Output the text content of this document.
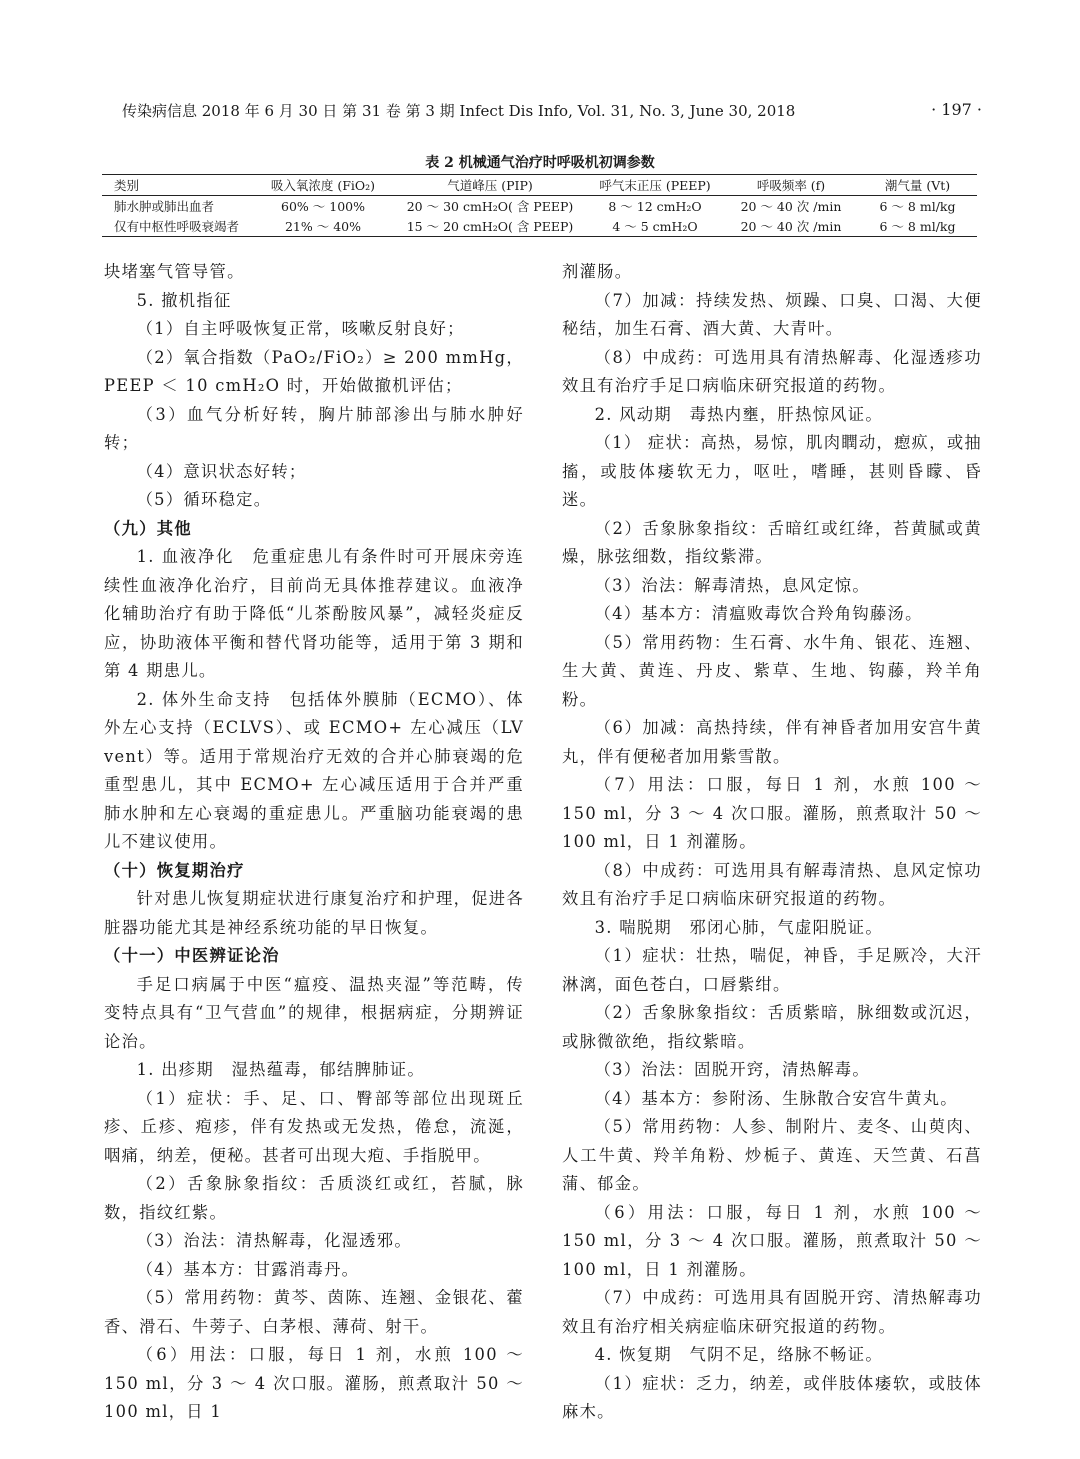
传染病信息 2018 年 6 月 30 日 第 31 卷 第 3 期 Infect Dis Info, Vol. 31, No. 3, June 30, 2018	· 197 ·
表 2 机械通气治疗时呼吸机初调参数
类别	吸入氧浓度 (FiO₂)	气道峰压 (PIP)	呼气末正压 (PEEP)	呼吸频率 (f)	潮气量 (Vt)
肺水肿或肺出血者	60% ～ 100%	20 ～ 30 cmH₂O( 含 PEEP)	8 ～ 12 cmH₂O	20 ～ 40 次 /min	6 ～ 8 ml/kg
仅有中枢性呼吸衰竭者	21% ～ 40%	15 ～ 20 cmH₂O( 含 PEEP)	4 ～ 5 cmH₂O	20 ～ 40 次 /min	6 ～ 8 ml/kg

块堵塞气管导管。

5. 撤机指征

（1）自主呼吸恢复正常，咳嗽反射良好；

（2）氧合指数（PaO₂/FiO₂）≥ 200 mmHg，PEEP ＜ 10 cmH₂O 时，开始做撤机评估；

（3）血气分析好转，胸片肺部渗出与肺水肿好转；

（4）意识状态好转；

（5）循环稳定。

（九）其他

1. 血液净化　危重症患儿有条件时可开展床旁连续性血液净化治疗，目前尚无具体推荐建议。血液净化辅助治疗有助于降低“儿茶酚胺风暴”，减轻炎症反应，协助液体平衡和替代肾功能等，适用于第 3 期和第 4 期患儿。

2. 体外生命支持　包括体外膜肺（ECMO）、体外左心支持（ECLVS）、或 ECMO+ 左心减压（LV vent）等。适用于常规治疗无效的合并心肺衰竭的危重型患儿，其中 ECMO+ 左心减压适用于合并严重肺水肿和左心衰竭的重症患儿。严重脑功能衰竭的患儿不建议使用。

（十）恢复期治疗

针对患儿恢复期症状进行康复治疗和护理，促进各脏器功能尤其是神经系统功能的早日恢复。

（十一）中医辨证论治

手足口病属于中医“瘟疫、温热夹湿”等范畴，传变特点具有“卫气营血”的规律，根据病症，分期辨证论治。

1. 出疹期　湿热蕴毒，郁结脾肺证。

（1）症状：手、足、口、臀部等部位出现斑丘疹、丘疹、疱疹，伴有发热或无发热，倦怠，流涎，咽痛，纳差，便秘。甚者可出现大疱、手指脱甲。

（2）舌象脉象指纹：舌质淡红或红，苔腻，脉数，指纹红紫。

（3）治法：清热解毒，化湿透邪。

（4）基本方：甘露消毒丹。

（5）常用药物：黄芩、茵陈、连翘、金银花、藿香、滑石、牛蒡子、白茅根、薄荷、射干。

（6）用法：口服，每日 1 剂，水煎 100 ～ 150 ml，分 3 ～ 4 次口服。灌肠，煎煮取汁 50 ～ 100 ml，日 1

剂灌肠。

（7）加减：持续发热、烦躁、口臭、口渴、大便秘结，加生石膏、酒大黄、大青叶。

（8）中成药：可选用具有清热解毒、化湿透疹功效且有治疗手足口病临床研究报道的药物。

2. 风动期　毒热内壅，肝热惊风证。

（1） 症状：高热，易惊，肌肉瞤动，瘛疭，或抽搐，或肢体痿软无力，呕吐，嗜睡，甚则昏矇、昏迷。

（2）舌象脉象指纹：舌暗红或红绛，苔黄腻或黄燥，脉弦细数，指纹紫滞。

（3）治法：解毒清热，息风定惊。

（4）基本方：清瘟败毒饮合羚角钩藤汤。

（5）常用药物：生石膏、水牛角、银花、连翘、生大黄、黄连、丹皮、紫草、生地、钩藤，羚羊角粉。

（6）加减：高热持续，伴有神昏者加用安宫牛黄丸，伴有便秘者加用紫雪散。

（7）用法：口服，每日 1 剂，水煎 100 ～ 150 ml，分 3 ～ 4 次口服。灌肠，煎煮取汁 50 ～ 100 ml，日 1 剂灌肠。

（8）中成药：可选用具有解毒清热、息风定惊功效且有治疗手足口病临床研究报道的药物。

3. 喘脱期　邪闭心肺，气虚阳脱证。

（1）症状：壮热，喘促，神昏，手足厥冷，大汗淋漓，面色苍白，口唇紫绀。

（2）舌象脉象指纹：舌质紫暗，脉细数或沉迟，或脉微欲绝，指纹紫暗。

（3）治法：固脱开窍，清热解毒。

（4）基本方：参附汤、生脉散合安宫牛黄丸。

（5）常用药物：人参、制附片、麦冬、山萸肉、人工牛黄、羚羊角粉、炒栀子、黄连、天竺黄、石菖蒲、郁金。

（6）用法：口服，每日 1 剂，水煎 100 ～ 150 ml，分 3 ～ 4 次口服。灌肠，煎煮取汁 50 ～ 100 ml，日 1 剂灌肠。

（7）中成药：可选用具有固脱开窍、清热解毒功效且有治疗相关病症临床研究报道的药物。

4. 恢复期　气阴不足，络脉不畅证。

（1）症状：乏力，纳差，或伴肢体痿软，或肢体麻木。
